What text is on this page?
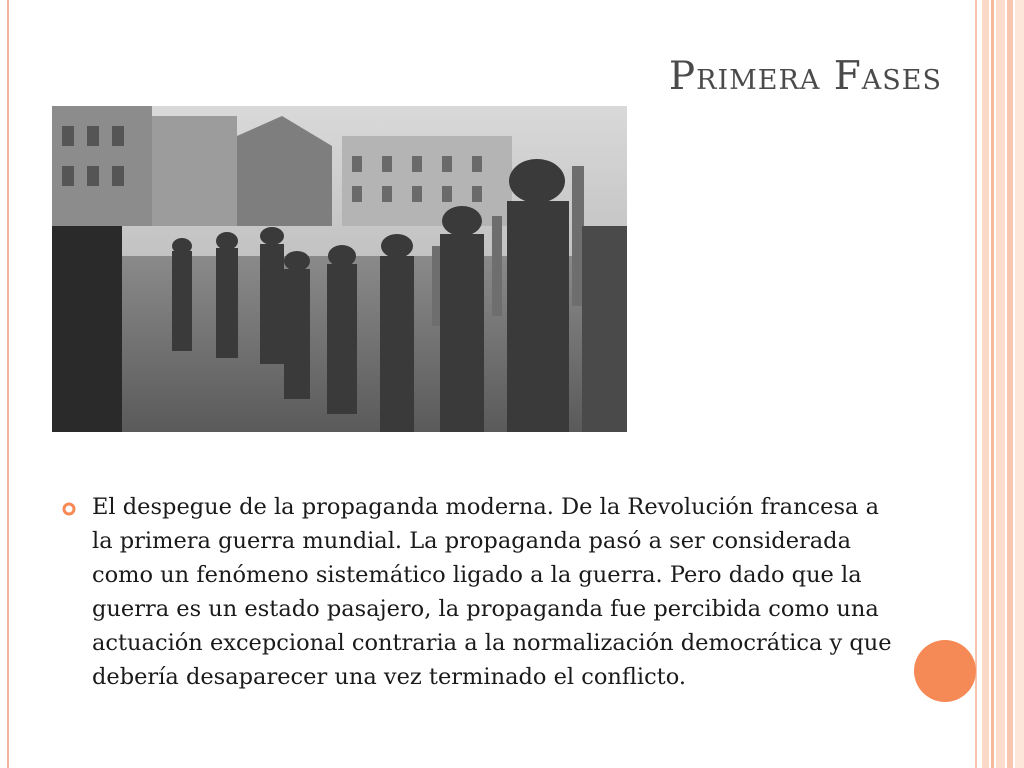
Primera Fases
El despegue de la propaganda moderna. De la Revolución francesa a la primera guerra mundial. La propaganda pasó a ser considerada como un fenómeno sistemático ligado a la guerra. Pero dado que la guerra es un estado pasajero, la propaganda fue percibida como una actuación excepcional contraria a la normalización democrática y que debería desaparecer una vez terminado el conflicto.
